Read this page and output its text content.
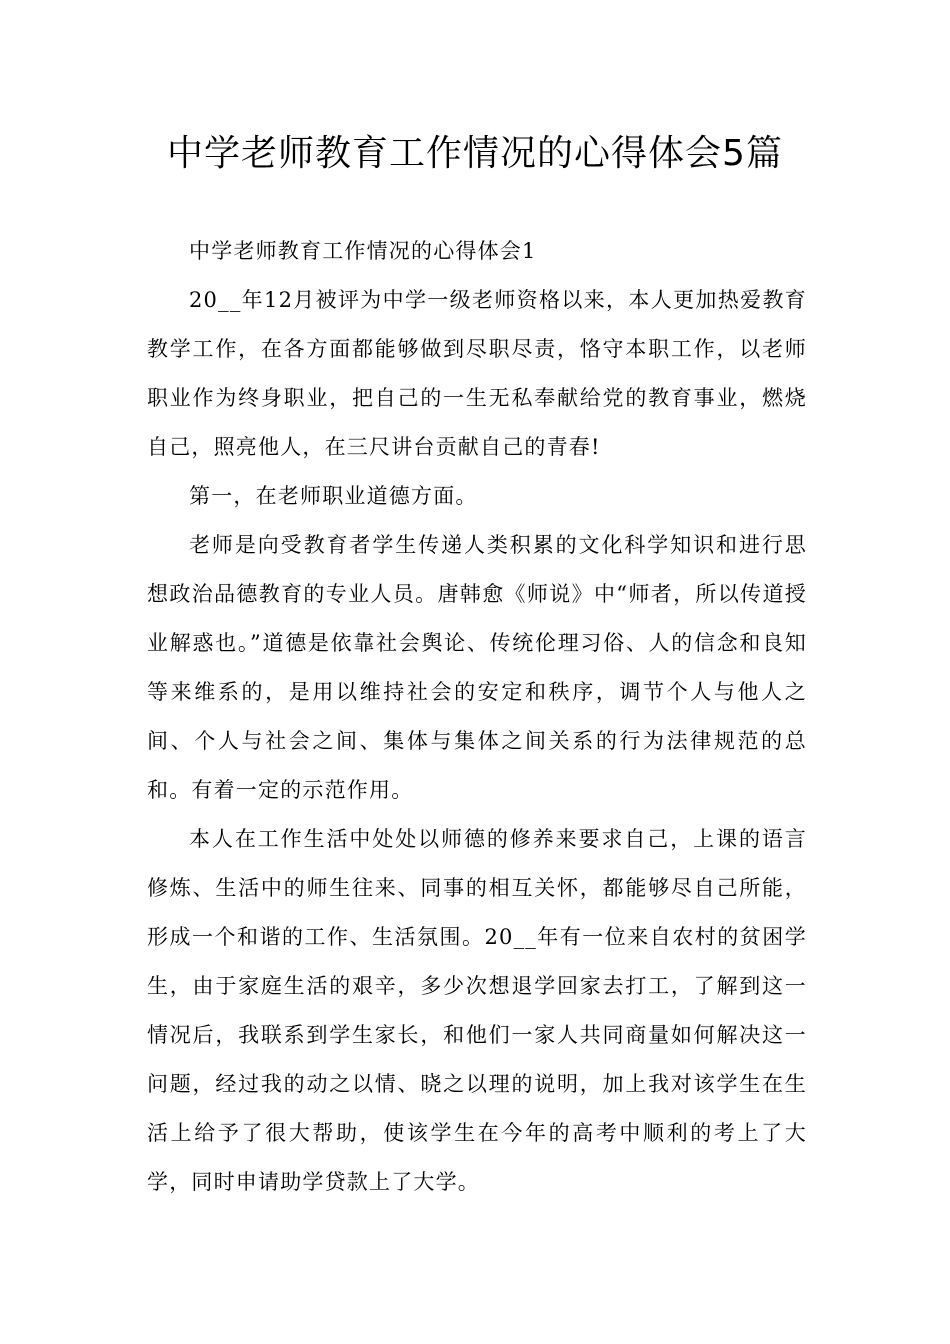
中学老师教育工作情况的心得体会5篇

中学老师教育工作情况的心得体会1

20__年12月被评为中学一级老师资格以来，本人更加热爱教育教学工作，在各方面都能够做到尽职尽责，恪守本职工作，以老师职业作为终身职业，把自己的一生无私奉献给党的教育事业，燃烧自己，照亮他人，在三尺讲台贡献自己的青春!

第一，在老师职业道德方面。

老师是向受教育者学生传递人类积累的文化科学知识和进行思想政治品德教育的专业人员。唐韩愈《师说》中“师者，所以传道授业解惑也。”道德是依靠社会舆论、传统伦理习俗、人的信念和良知等来维系的，是用以维持社会的安定和秩序，调节个人与他人之间、个人与社会之间、集体与集体之间关系的行为法律规范的总和。有着一定的示范作用。

本人在工作生活中处处以师德的修养来要求自己，上课的语言修炼、生活中的师生往来、同事的相互关怀，都能够尽自己所能，形成一个和谐的工作、生活氛围。20__年有一位来自农村的贫困学生，由于家庭生活的艰辛，多少次想退学回家去打工，了解到这一情况后，我联系到学生家长，和他们一家人共同商量如何解决这一问题，经过我的动之以情、晓之以理的说明，加上我对该学生在生活上给予了很大帮助，使该学生在今年的高考中顺利的考上了大学，同时申请助学贷款上了大学。
